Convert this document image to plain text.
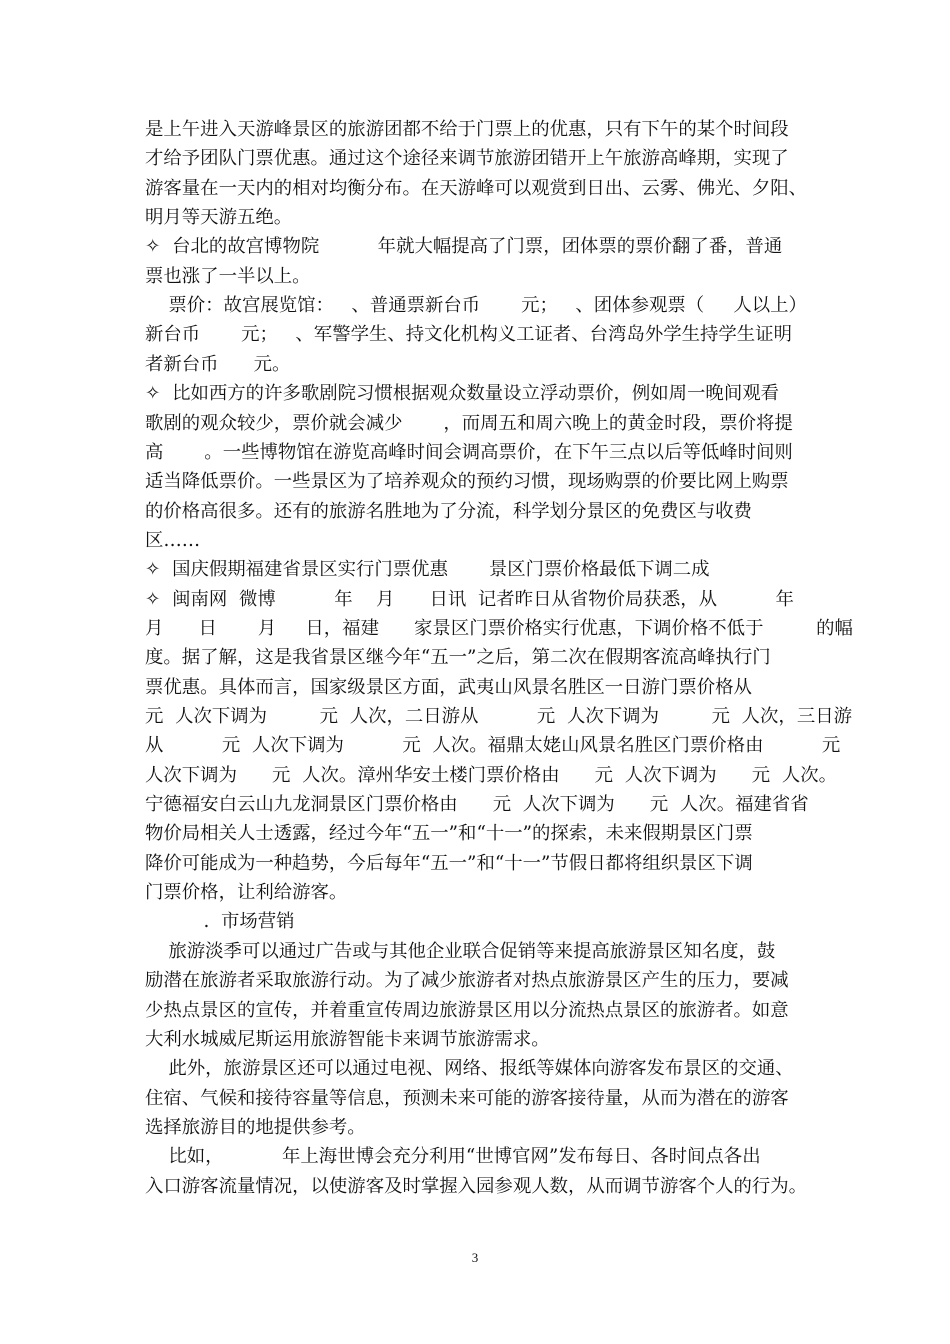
是上午进入天游峰景区的旅游团都不给于门票上的优惠，只有下午的某个时间段
才给予团队门票优惠。通过这个途径来调节旅游团错开上午旅游高峰期，实现了
游客量在一天内的相对均衡分布。在天游峰可以观赏到日出、云雾、佛光、夕阳、
明月等天游五绝。
✧  台北的故宫博物院          年就大幅提高了门票，团体票的票价翻了番，普通
票也涨了一半以上。
票价：故宫展览馆：   、普通票新台币       元；   、团体参观票（     人以上）
新台币       元；   、军警学生、持文化机构义工证者、台湾岛外学生持学生证明
者新台币      元。
✧  比如西方的许多歌剧院习惯根据观众数量设立浮动票价，例如周一晚间观看
歌剧的观众较少，票价就会减少       ，而周五和周六晚上的黄金时段，票价将提
高       。一些博物馆在游览高峰时间会调高票价，在下午三点以后等低峰时间则
适当降低票价。一些景区为了培养观众的预约习惯，现场购票的价要比网上购票
的价格高很多。还有的旅游名胜地为了分流，科学划分景区的免费区与收费
区……
✧  国庆假期福建省景区实行门票优惠       景区门票价格最低下调二成
✧  闽南网  微博          年    月      日讯  记者昨日从省物价局获悉，从          年
月      日       月     日，福建      家景区门票价格实行优惠，下调价格不低于         的幅
度。据了解，这是我省景区继今年“五一”之后，第二次在假期客流高峰执行门
票优惠。具体而言，国家级景区方面，武夷山风景名胜区一日游门票价格从
元  人次下调为         元  人次，二日游从          元  人次下调为         元  人次，三日游
从          元  人次下调为          元  人次。福鼎太姥山风景名胜区门票价格由          元
人次下调为      元  人次。漳州华安土楼门票价格由      元  人次下调为      元  人次。
宁德福安白云山九龙洞景区门票价格由      元  人次下调为      元  人次。福建省省
物价局相关人士透露，经过今年“五一”和“十一”的探索，未来假期景区门票
降价可能成为一种趋势，今后每年“五一”和“十一”节假日都将组织景区下调
门票价格，让利给游客。
.  市场营销
旅游淡季可以通过广告或与其他企业联合促销等来提高旅游景区知名度，鼓
励潜在旅游者采取旅游行动。为了减少旅游者对热点旅游景区产生的压力，要减
少热点景区的宣传，并着重宣传周边旅游景区用以分流热点景区的旅游者。如意
大利水城威尼斯运用旅游智能卡来调节旅游需求。
此外，旅游景区还可以通过电视、网络、报纸等媒体向游客发布景区的交通、
住宿、气候和接待容量等信息，预测未来可能的游客接待量，从而为潜在的游客
选择旅游目的地提供参考。
比如，          年上海世博会充分利用“世博官网”发布每日、各时间点各出
入口游客流量情况，以使游客及时掌握入园参观人数，从而调节游客个人的行为。
3
